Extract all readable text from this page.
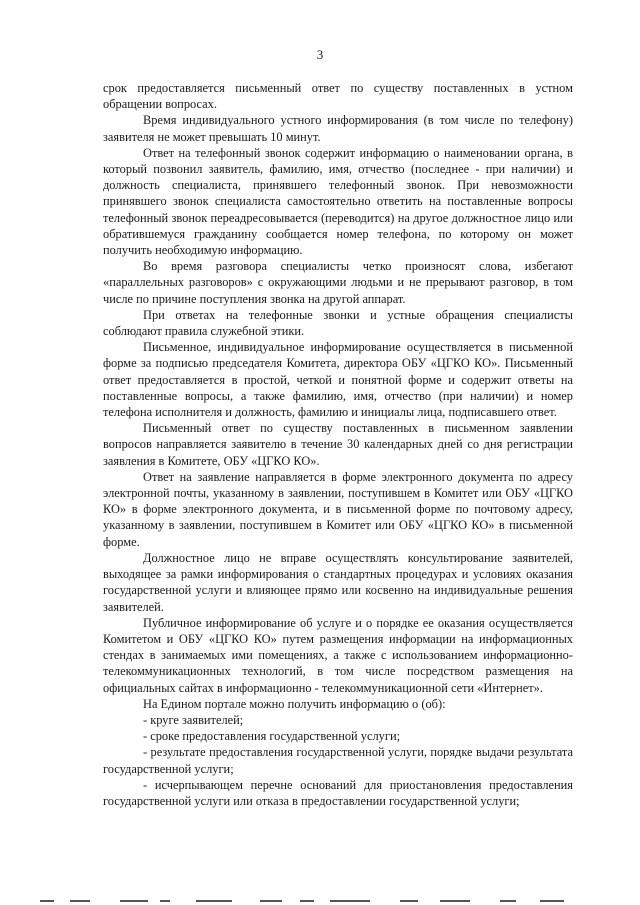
3

срок предоставляется письменный ответ по существу поставленных в устном обращении вопросах.

Время индивидуального устного информирования (в том числе по телефону) заявителя не может превышать 10 минут.

Ответ на телефонный звонок содержит информацию о наименовании органа, в который позвонил заявитель, фамилию, имя, отчество (последнее - при наличии) и должность специалиста, принявшего телефонный звонок. При невозможности принявшего звонок специалиста самостоятельно ответить на поставленные вопросы телефонный звонок переадресовывается (переводится) на другое должностное лицо или обратившемуся гражданину сообщается номер телефона, по которому он может получить необходимую информацию.

Во время разговора специалисты четко произносят слова, избегают «параллельных разговоров» с окружающими людьми и не прерывают разговор, в том числе по причине поступления звонка на другой аппарат.

При ответах на телефонные звонки и устные обращения специалисты соблюдают правила служебной этики.

Письменное, индивидуальное информирование осуществляется в письменной форме за подписью председателя Комитета, директора ОБУ «ЦГКО КО». Письменный ответ предоставляется в простой, четкой и понятной форме и содержит ответы на поставленные вопросы, а также фамилию, имя, отчество (при наличии) и номер телефона исполнителя и должность, фамилию и инициалы лица, подписавшего ответ.

Письменный ответ по существу поставленных в письменном заявлении вопросов направляется заявителю в течение 30 календарных дней со дня регистрации заявления в Комитете, ОБУ «ЦГКО КО».

Ответ на заявление направляется в форме электронного документа по адресу электронной почты, указанному в заявлении, поступившем в Комитет или ОБУ «ЦГКО КО» в форме электронного документа, и в письменной форме по почтовому адресу, указанному в заявлении, поступившем в Комитет или ОБУ «ЦГКО КО» в письменной форме.

Должностное лицо не вправе осуществлять консультирование заявителей, выходящее за рамки информирования о стандартных процедурах и условиях оказания государственной услуги и влияющее прямо или косвенно на индивидуальные решения заявителей.

Публичное информирование об услуге и о порядке ее оказания осуществляется Комитетом и ОБУ «ЦГКО КО» путем размещения информации на информационных стендах в занимаемых ими помещениях, а также с использованием информационно-телекоммуникационных технологий, в том числе посредством размещения на официальных сайтах в информационно - телекоммуникационной сети «Интернет».

На Едином портале можно получить информацию о (об):

- круге заявителей;

- сроке предоставления государственной услуги;

- результате предоставления государственной услуги, порядке выдачи результата государственной услуги;

- исчерпывающем перечне оснований для приостановления предоставления государственной услуги или отказа в предоставлении государственной услуги;
